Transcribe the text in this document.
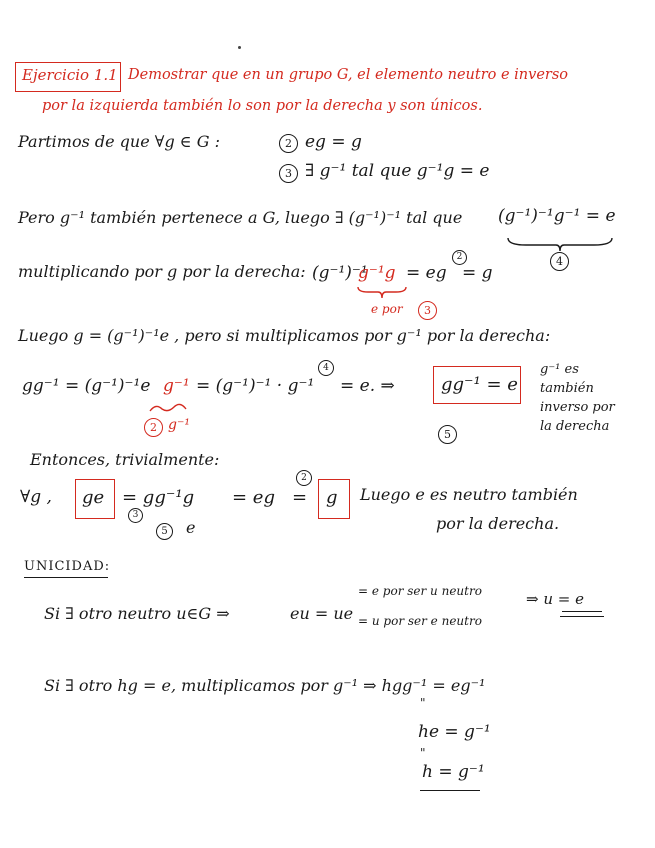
Ejercicio 1.1 Demostrar que en un grupo G, el elemento neutro e inverso
por la izquierda también lo son por la derecha y son únicos.
Partimos de que ∀g ∈ G :	2 eg = g
3 ∃ g⁻¹ tal que g⁻¹g = e
Pero g⁻¹ también pertenece a G, luego ∃ (g⁻¹)⁻¹ tal que (g⁻¹)⁻¹g⁻¹ = e
4
multiplicando por g por la derecha: (g⁻¹)⁻¹
g⁻¹g = eg
2
= g
e por	3
Luego g = (g⁻¹)⁻¹e , pero si multiplicamos por g⁻¹ por la derecha:
gg⁻¹ = (g⁻¹)⁻¹e g⁻¹ = (g⁻¹)⁻¹ · g⁻¹
4
= e. ⇒	gg⁻¹ = e
5
2 g⁻¹
g⁻¹ es
también
inverso por
la derecha
Entonces, trivialmente:
∀g , ge = gg⁻¹g = eg
2
= g
3
5	e
Luego e es neutro también
por la derecha.
UNICIDAD:
Si ∃ otro neutro u∈G ⇒	eu = ue
= e por ser u neutro
= u por ser e neutro
⇒ u = e
Si ∃ otro hg = e, multiplicamos por g⁻¹ ⇒ hgg⁻¹ = eg⁻¹
"
he = g⁻¹
"
h = g⁻¹
